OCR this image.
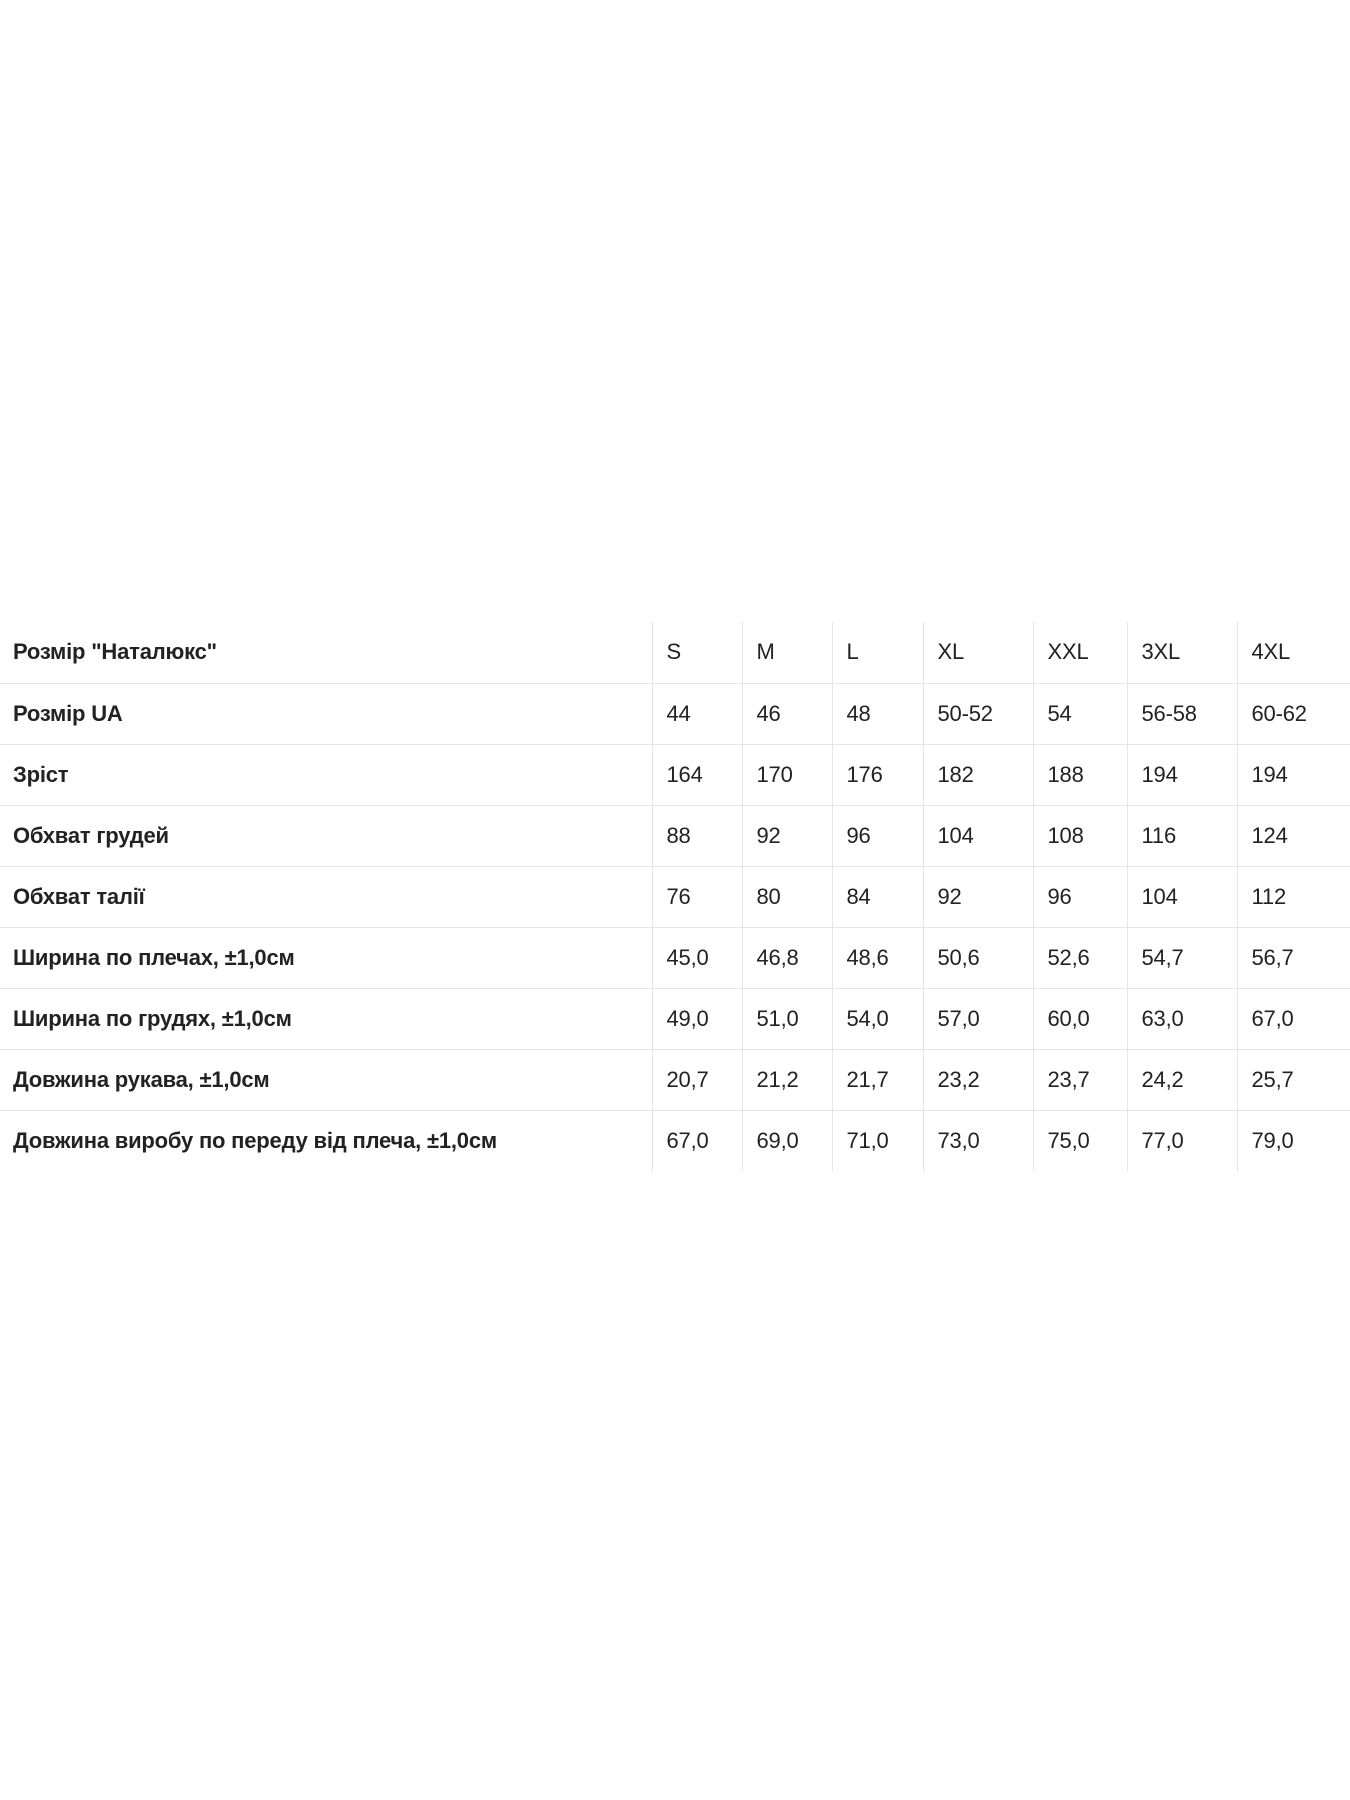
Розмір "Наталюкс"	S	M	L	XL	XXL	3XL	4XL
Розмір UA	44	46	48	50-52	54	56-58	60-62
Зріст	164	170	176	182	188	194	194
Обхват грудей	88	92	96	104	108	116	124
Обхват талії	76	80	84	92	96	104	112
Ширина по плечах, ±1,0см	45,0	46,8	48,6	50,6	52,6	54,7	56,7
Ширина по грудях, ±1,0см	49,0	51,0	54,0	57,0	60,0	63,0	67,0
Довжина рукава, ±1,0см	20,7	21,2	21,7	23,2	23,7	24,2	25,7
Довжина виробу по переду від плеча, ±1,0см	67,0	69,0	71,0	73,0	75,0	77,0	79,0
